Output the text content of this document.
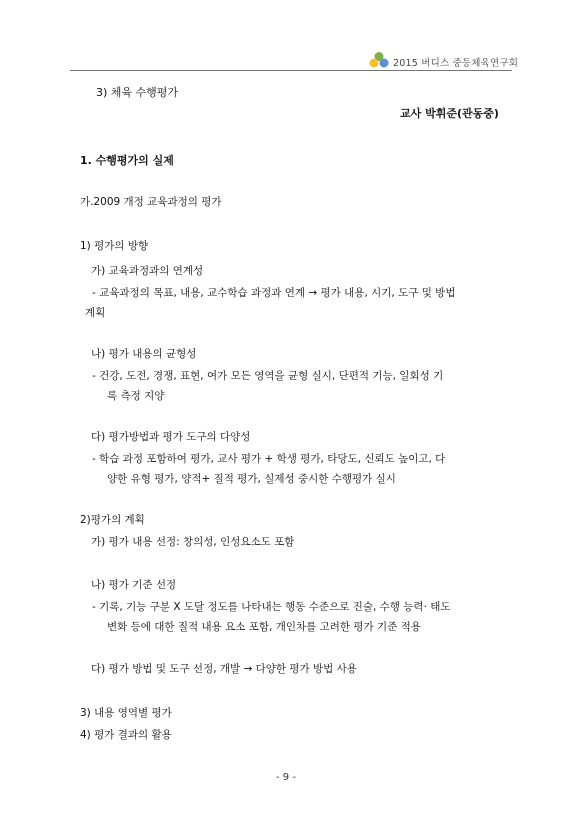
2015 버디스 중등체육연구회
3) 체육 수행평가
교사 박휘준(관동중)
1. 수행평가의 실제
가.2009 개정 교육과정의 평가
1) 평가의 방향
가) 교육과정과의 연계성
- 교육과정의 목표, 내용, 교수학습 과정과 연계 → 평가 내용, 시기, 도구 및 방법
계획
나) 평가 내용의 균형성
- 건강, 도전, 경쟁, 표현, 여가 모든 영역을 균형 실시, 단편적 기능, 일회성 기
록 측정 지양
다) 평가방법과 평가 도구의 다양성
- 학습 과정 포함하여 평가, 교사 평가 + 학생 평가, 타당도, 신뢰도 높이고, 다
양한 유형 평가, 양적+ 질적 평가, 실제성 중시한 수행평가 실시
2)평가의 계획
가) 평가 내용 선정: 창의성, 인성요소도 포함
나) 평가 기준 선정
- 기록, 기능 구분 X 도달 정도를 나타내는 행동 수준으로 진술, 수행 능력· 태도
변화 등에 대한 질적 내용 요소 포함, 개인차를 고려한 평가 기준 적용
다) 평가 방법 및 도구 선정, 개발 → 다양한 평가 방법 사용
3) 내용 영역별 평가
4) 평가 결과의 활용
- 9 -
